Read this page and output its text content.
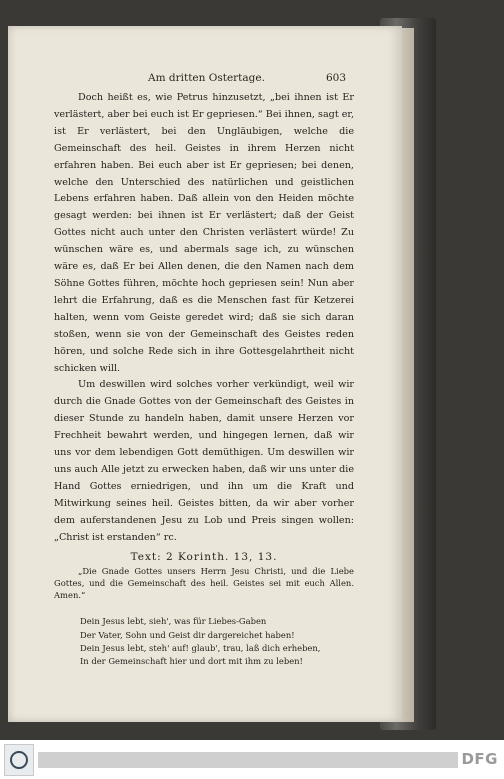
Am dritten Ostertage.	603

Doch heißt es, wie Petrus hinzusetzt, „bei ihnen ist Er verlästert, aber bei euch ist Er gepriesen.“ Bei ihnen, sagt er, ist Er verlästert, bei den Ungläubigen, welche die Gemeinschaft des heil. Geistes in ihrem Herzen nicht erfahren haben. Bei euch aber ist Er gepriesen; bei denen, welche den Unterschied des natürlichen und geistlichen Lebens erfahren haben. Daß allein von den Heiden möchte gesagt werden: bei ihnen ist Er verlästert; daß der Geist Gottes nicht auch unter den Christen verlästert würde! Zu wünschen wäre es, und abermals sage ich, zu wünschen wäre es, daß Er bei Allen denen, die den Namen nach dem Söhne Gottes führen, möchte hoch gepriesen sein! Nun aber lehrt die Erfahrung, daß es die Menschen fast für Ketzerei halten, wenn vom Geiste geredet wird; daß sie sich daran stoßen, wenn sie von der Gemeinschaft des Geistes reden hören, und solche Rede sich in ihre Gottesgelahrtheit nicht schicken will.

Um deswillen wird solches vorher verkündigt, weil wir durch die Gnade Gottes von der Gemeinschaft des Geistes in dieser Stunde zu handeln haben, damit unsere Herzen vor Frechheit bewahrt werden, und hingegen lernen, daß wir uns vor dem lebendigen Gott demüthigen. Um deswillen wir uns auch Alle jetzt zu erwecken haben, daß wir uns unter die Hand Gottes erniedrigen, und ihn um die Kraft und Mitwirkung seines heil. Geistes bitten, da wir aber vorher dem auferstandenen Jesu zu Lob und Preis singen wollen: „Christ ist erstanden“ rc.

Text: 2 Korinth. 13, 13.

„Die Gnade Gottes unsers Herrn Jesu Christi, und die Liebe Gottes, und die Gemeinschaft des heil. Geistes sei mit euch Allen. Amen.“

Dein Jesus lebt, sieh', was für Liebes-Gaben
Der Vater, Sohn und Geist dir dargereichet haben!
Dein Jesus lebt, steh' auf! glaub', trau, laß dich erheben,
In der Gemeinschaft hier und dort mit ihm zu leben!
DFG
